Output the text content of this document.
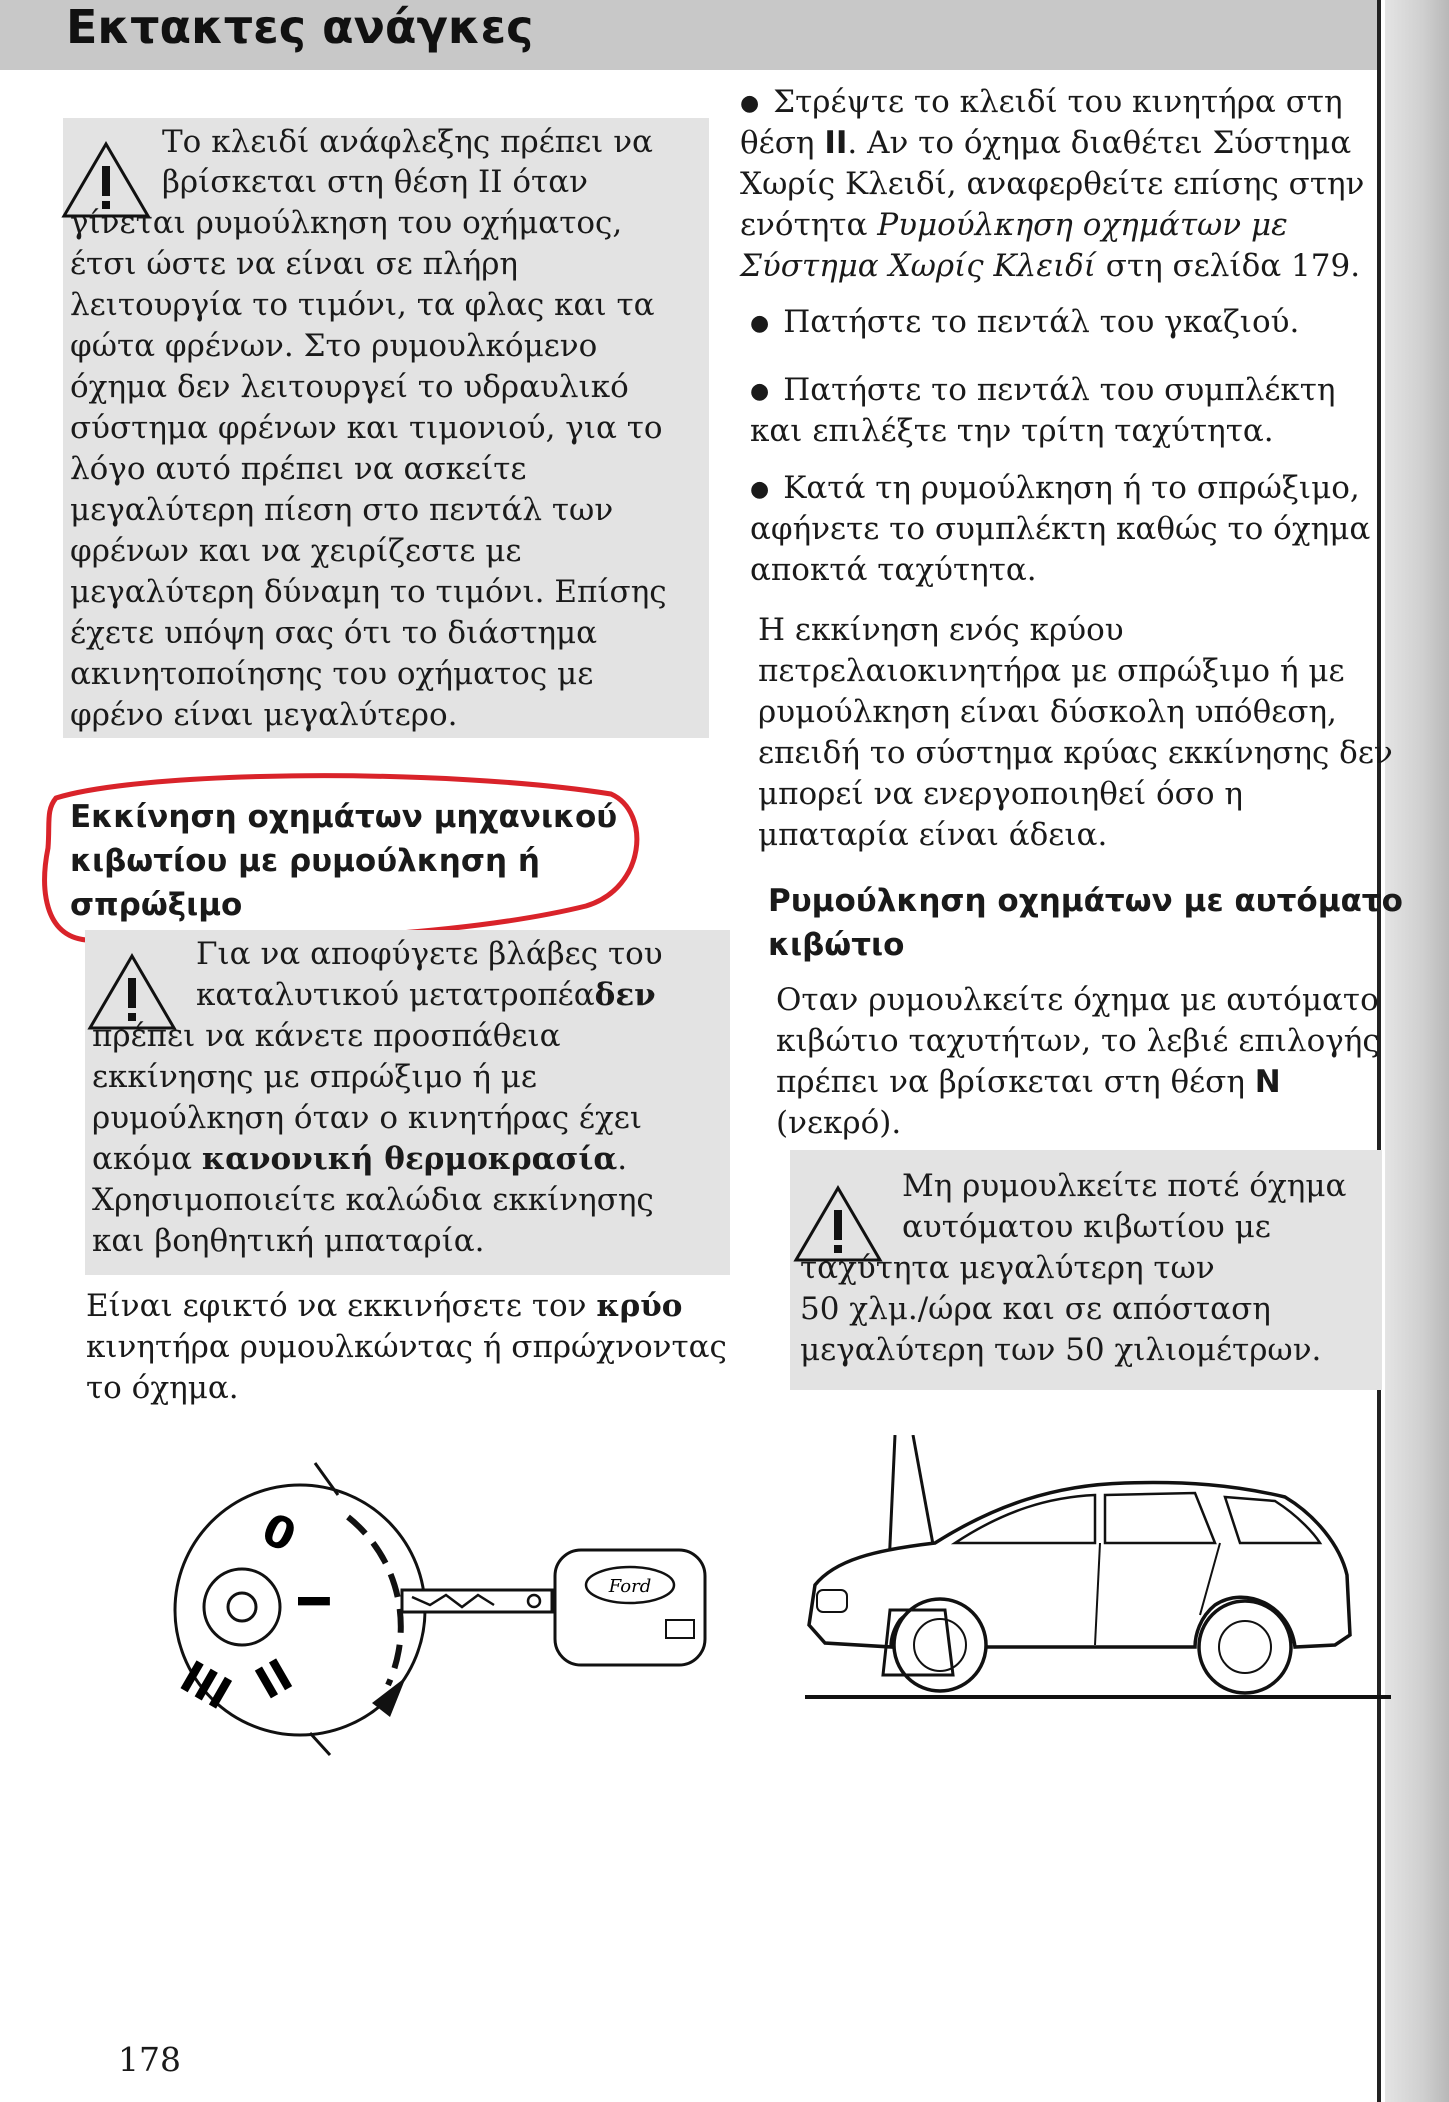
Εκτακτες ανάγκες

Το κλειδί ανάφλεξης πρέπει να

βρίσκεται στη θέση ΙΙ όταν

γίνεται ρυμούλκηση του οχήματος,

έτσι ώστε να είναι σε πλήρη

λειτουργία το τιμόνι, τα φλας και τα

φώτα φρένων. Στο ρυμουλκόμενο

όχημα δεν λειτουργεί το υδραυλικό

σύστημα φρένων και τιμονιού, για το

λόγο αυτό πρέπει να ασκείτε

μεγαλύτερη πίεση στο πεντάλ των

φρένων και να χειρίζεστε με

μεγαλύτερη δύναμη το τιμόνι. Επίσης

έχετε υπόψη σας ότι το διάστημα

ακινητοποίησης του οχήματος με

φρένο είναι μεγαλύτερο.

Εκκίνηση οχημάτων μηχανικού

κιβωτίου με ρυμούλκηση ή

σπρώξιμο

Για να αποφύγετε βλάβες του

καταλυτικού μετατροπέαδεν

πρέπει να κάνετε προσπάθεια

εκκίνησης με σπρώξιμο ή με

ρυμούλκηση όταν ο κινητήρας έχει

ακόμα κανονική θερμοκρασία.

Χρησιμοποιείτε καλώδια εκκίνησης

και βοηθητική μπαταρία.

Είναι εφικτό να εκκινήσετε τον κρύο

κινητήρα ρυμουλκώντας ή σπρώχνοντας

το όχημα.

● Στρέψτε το κλειδί του κινητήρα στη

θέση ΙΙ. Αν το όχημα διαθέτει Σύστημα

Χωρίς Κλειδί, αναφερθείτε επίσης στην

ενότητα Ρυμούλκηση οχημάτων με

Σύστημα Χωρίς Κλειδί στη σελίδα 179.

● Πατήστε το πεντάλ του γκαζιού.

● Πατήστε το πεντάλ του συμπλέκτη

και επιλέξτε την τρίτη ταχύτητα.

● Κατά τη ρυμούλκηση ή το σπρώξιμο,

αφήνετε το συμπλέκτη καθώς το όχημα

αποκτά ταχύτητα.

Η εκκίνηση ενός κρύου

πετρελαιοκινητήρα με σπρώξιμο ή με

ρυμούλκηση είναι δύσκολη υπόθεση,

επειδή το σύστημα κρύας εκκίνησης δεν

μπορεί να ενεργοποιηθεί όσο η

μπαταρία είναι άδεια.

Ρυμούλκηση οχημάτων με αυτόματο

κιβώτιο

Οταν ρυμουλκείτε όχημα με αυτόματο

κιβώτιο ταχυτήτων, το λεβιέ επιλογής

πρέπει να βρίσκεται στη θέση N

(νεκρό).

Μη ρυμουλκείτε ποτέ όχημα

αυτόματου κιβωτίου με

ταχύτητα μεγαλύτερη των

50 χλμ./ώρα και σε απόσταση

μεγαλύτερη των 50 χιλιομέτρων.

0
I
II
III
Ford
178
